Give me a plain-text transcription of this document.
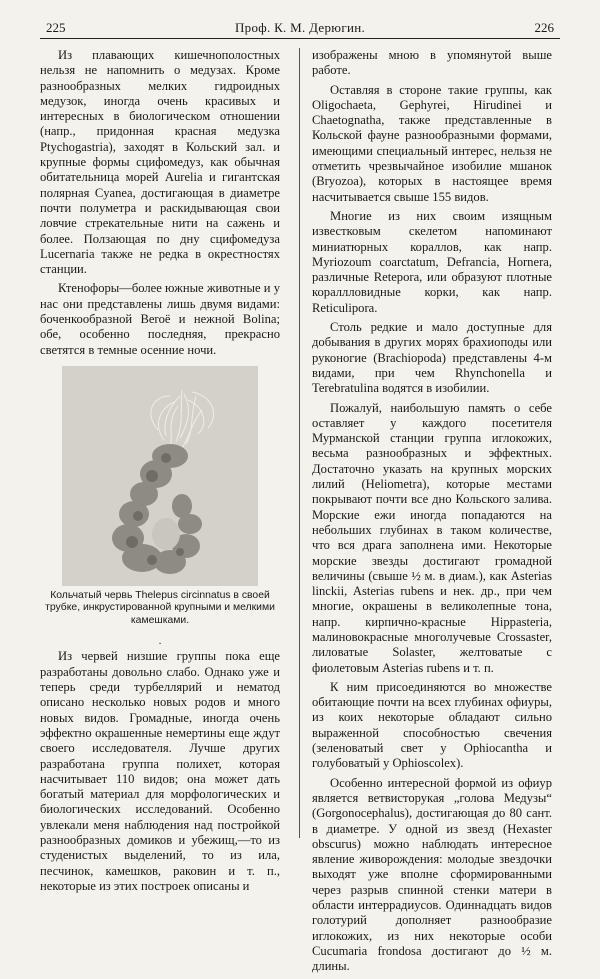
225	Проф. К. М. Дерюгин.	226

Из плавающих кишечнополостных нельзя не напомнить о медузах. Кроме разнообразных мелких гидроидных медузок, иногда очень красивых и интересных в биологическом отношении (напр., придонная красная медузка Ptychogastria), заходят в Кольский зал. и крупные формы сцифомедуз, как обычная обитательница морей Aurelia и гигантская полярная Cyanea, достигающая в диаметре почти полуметра и раскидывающая свои ловчие стрекательные нити на сажень и более. Ползающая по дну сцифомедуза Lucernaria также не редка в окрестностях станции.

Ктенофоры—более южные животные и у нас они представлены лишь двумя видами: боченкообразной Beroë и нежной Bolina; обе, особенно последняя, прекрасно светятся в темные осенние ночи.

Кольчатый червь Thelepus circinnatus в своей трубке, инкрустированной крупными и мелкими камешками.
·

Из червей низшие группы пока еще разработаны довольно слабо. Однако уже и теперь среди турбеллярий и нематод описано несколько новых родов и много новых видов. Громадные, иногда очень эффектно окрашенные немертины еще ждут своего исследователя. Лучше других разработана группа полихет, которая насчитывает 110 видов; она может дать богатый материал для морфологических и биологических исследований. Особенно увлекали меня наблюдения над постройкой разнообразных домиков и убежищ,—то из студенистых выделений, то из ила, песчинок, камешков, раковин и т. п., некоторые из этих построек описаны и

изображены мною в упомянутой выше работе.

Оставляя в стороне такие группы, как Oligochaeta, Gephyrei, Hirudinei и Chaetognatha, также представленные в Кольской фауне разнообразными формами, имеющими специальный интерес, нельзя не отметить чрезвычайное изобилие мшанок (Bryozoa), которых в настоящее время насчитывается свыше 155 видов.

Многие из них своим изящным известковым скелетом напоминают миниатюрных кораллов, как напр. Myriozoum coarctatum, Defrancia, Hornera, различные Retepora, или образуют плотные кораллловидные корки, как напр. Reticulipora.

Столь редкие и мало доступные для добывания в других морях брахиоподы или руконогие (Brachiopoda) представлены 4-м видами, при чем Rhynchonella и Terebratulina водятся в изобилии.

Пожалуй, наибольшую память о себе оставляет у каждого посетителя Мурманской станции группа иглокожих, весьма разнообразных и эффектных. Достаточно указать на крупных морских лилий (Heliometra), которые местами покрывают почти все дно Кольского залива. Морские ежи иногда попадаются на небольших глубинах в таком количестве, что вся драга заполнена ими. Некоторые морские звезды достигают громадной величины (свыше ½ м. в диам.), как Asterias linckii, Asterias rubens и нек. др., при чем многие, окрашены в великолепные тона, напр. кирпично-красные Hippasteria, малиновокрасные многолучевые Crossaster, лиловатые Solaster, желтоватые с фиолетовым Asterias rubens и т. п.

К ним присоединяются во множестве обитающие почти на всех глубинах офиуры, из коих некоторые обладают сильно выраженной способностью свечения (зеленоватый свет у Ophiocantha и голубоватый у Ophioscolex).

Особенно интересной формой из офиур является ветвисторукая „голова Медузы“ (Gorgonocephalus), достигающая до 80 сант. в диаметре. У одной из звезд (Hexaster obscurus) можно наблюдать интересное явление живорождения: молодые звездочки выходят уже вполне сформированными через разрыв спинной стенки матери в области интеррадиусов. Одиннадцать видов голотурий дополняет разнообразие иглокожих, из них некоторые особи Cucumaria frondosa достигают до ½ м. длины.
